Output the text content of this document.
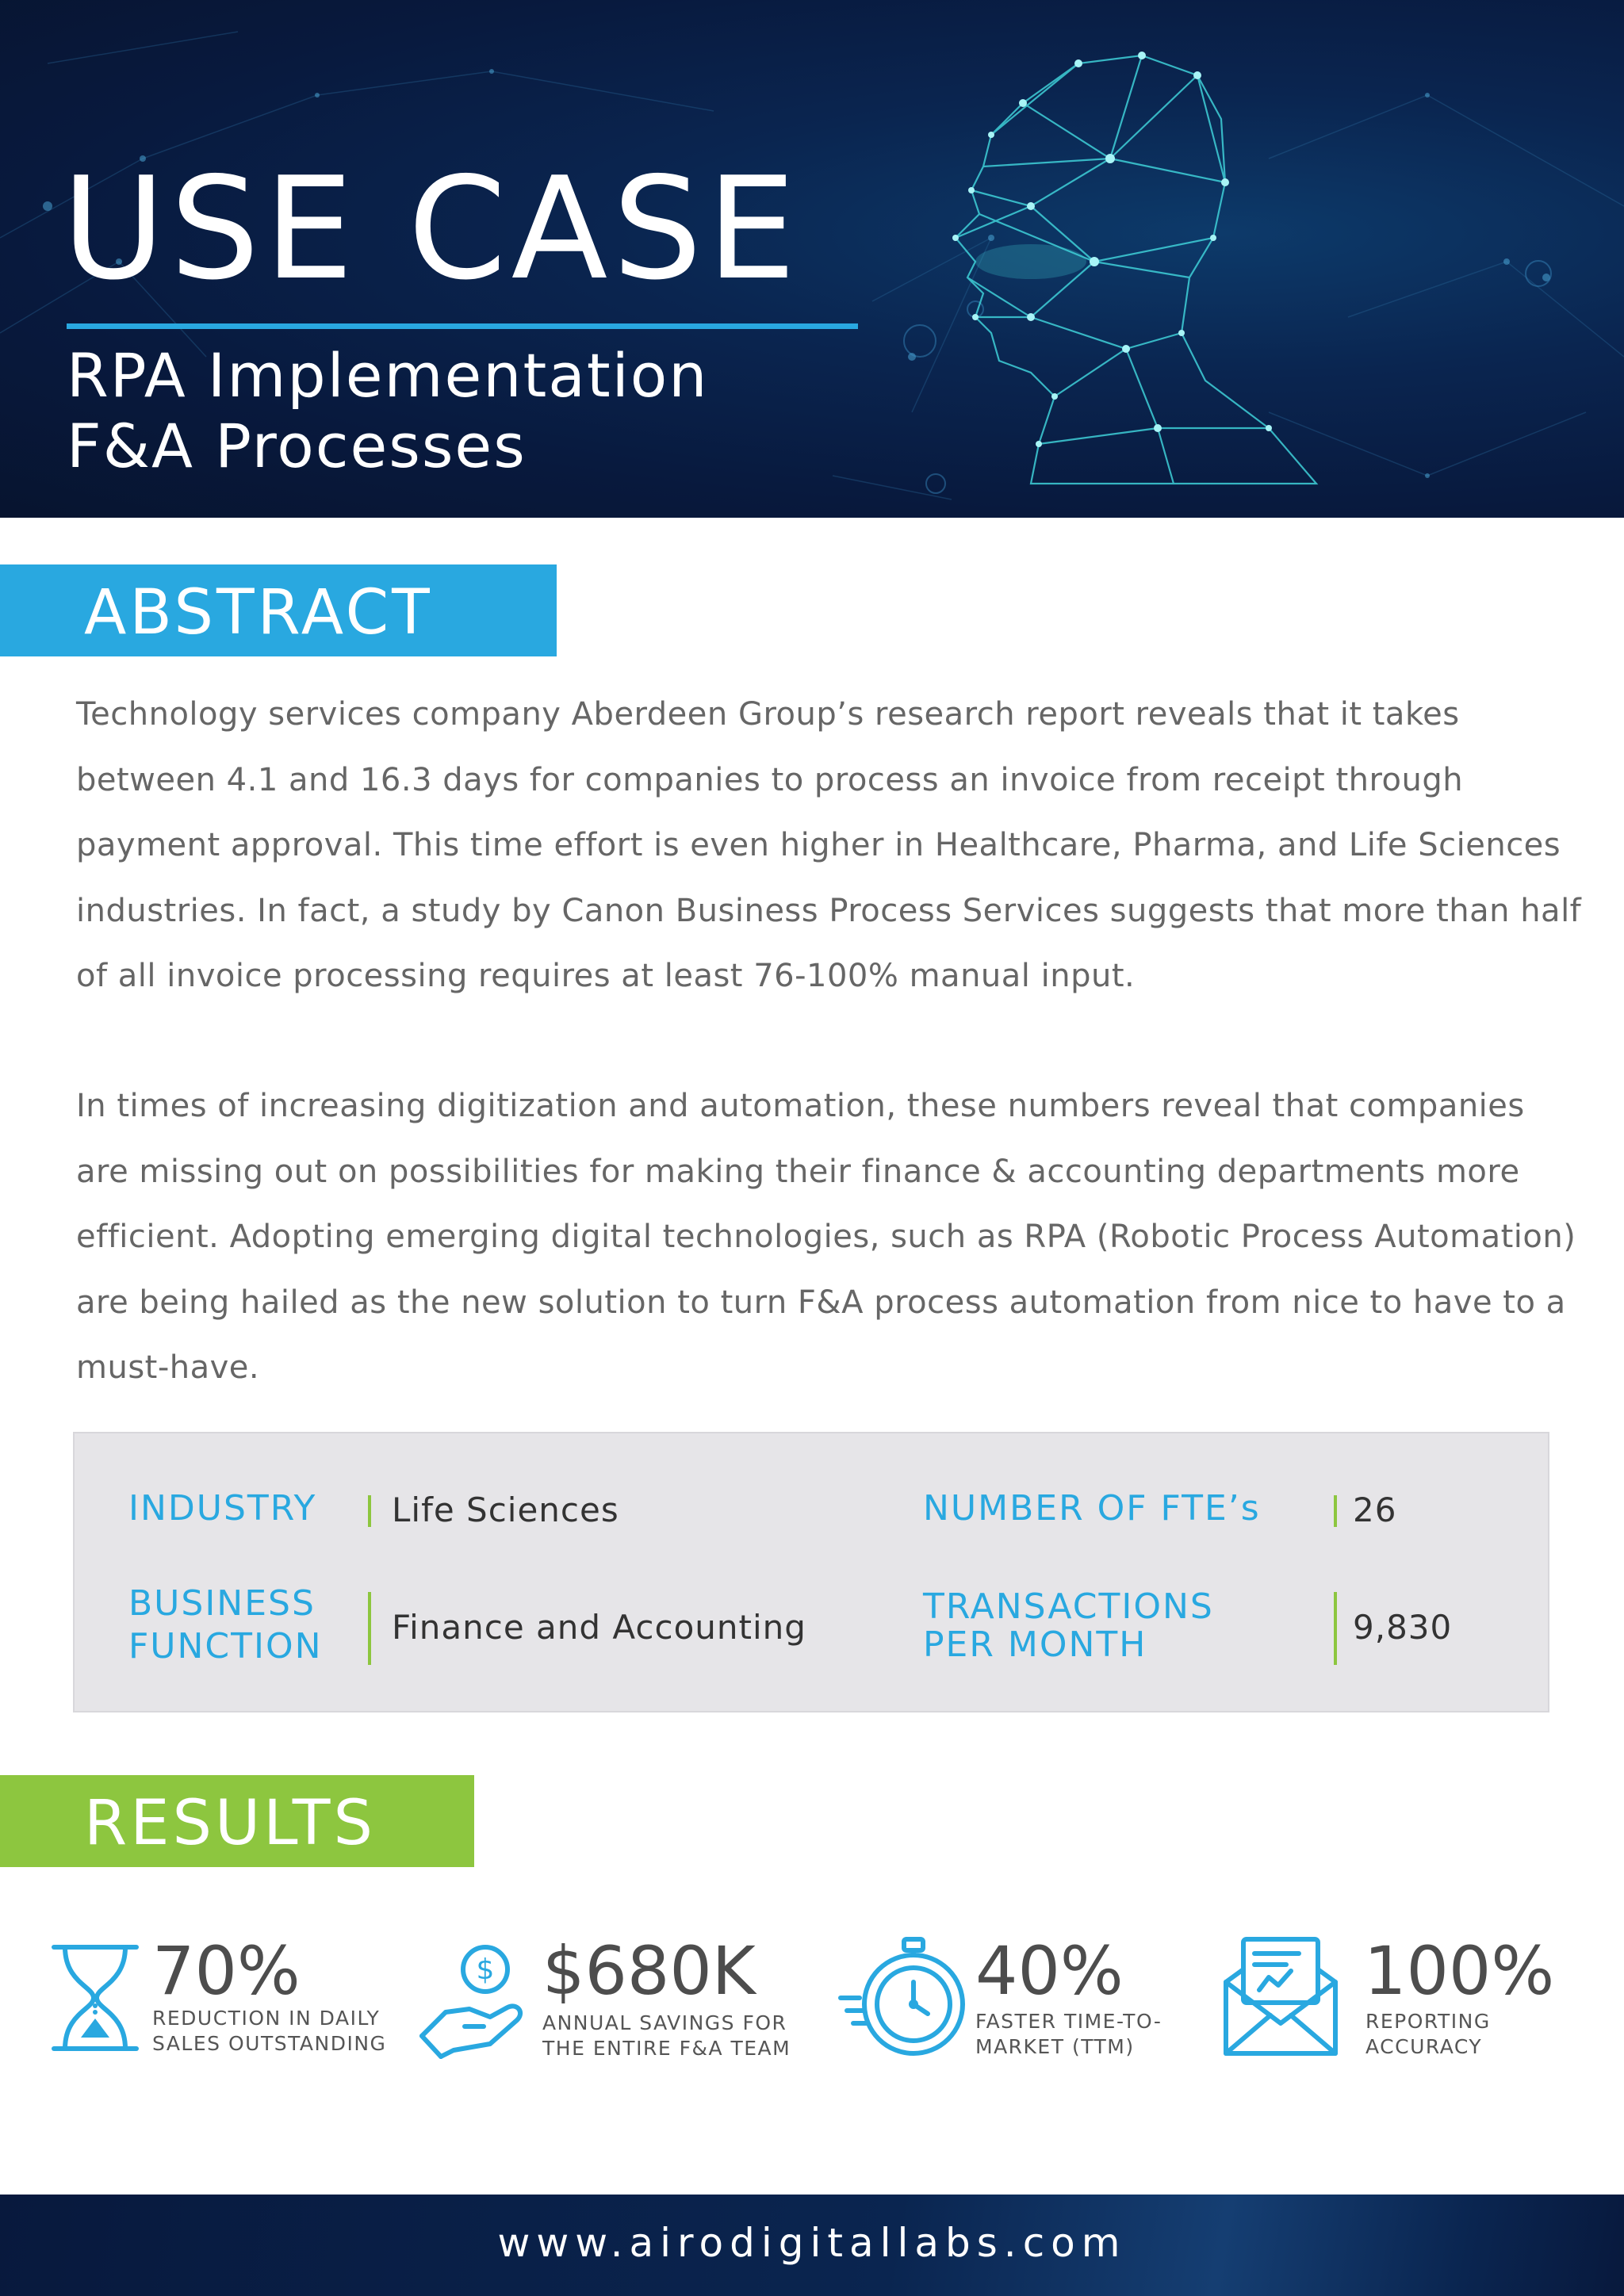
USE CASE
RPA Implementation
F&A Processes
ABSTRACT
Technology services company Aberdeen Group’s research report reveals that it takes between 4.1 and 16.3 days for companies to process an invoice from receipt through payment approval. This time effort is even higher in Healthcare, Pharma, and Life Sciences industries. In fact, a study by Canon Business Process Services suggests that more than half of all invoice processing requires at least 76-100% manual input.
In times of increasing digitization and automation, these numbers reveal that companies are missing out on possibilities for making their finance & accounting departments more efficient. Adopting emerging digital technologies, such as RPA (Robotic Process Automation) are being hailed as the new solution to turn F&A process automation from nice to have to a must-have.
INDUSTRY Life Sciences
BUSINESS
FUNCTION Finance and Accounting
NUMBER OF FTE’s	26
TRANSACTIONS
PER MONTH	9,830
RESULTS
70%
REDUCTION IN DAILY
SALES OUTSTANDING
$ $680K
ANNUAL SAVINGS FOR
THE ENTIRE F&A TEAM
40%
FASTER TIME-TO-
MARKET (TTM)
100%
REPORTING
ACCURACY
www.airodigitallabs.com
